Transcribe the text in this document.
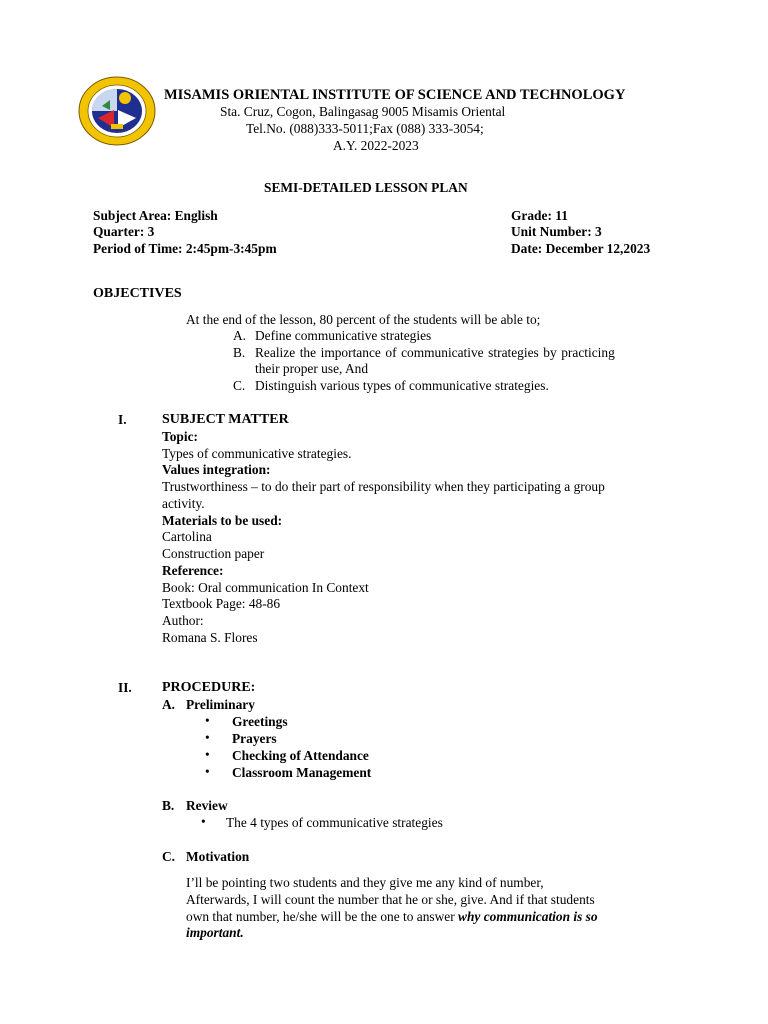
MISAMIS ORIENTAL INSTITUTE OF SCIENCE AND TECHNOLOGY
Sta. Cruz, Cogon, Balingasag 9005 Misamis Oriental
Tel.No. (088)333-5011;Fax (088) 333-3054;
A.Y. 2022-2023
SEMI-DETAILED LESSON PLAN
Subject Area: English
Quarter: 3
Period of Time: 2:45pm-3:45pm
Grade: 11
Unit Number: 3
Date: December 12,2023
OBJECTIVES
At the end of the lesson, 80 percent of the students will be able to;
A. Define communicative strategies
B. Realize the importance of communicative strategies by practicing
their proper use, And
C. Distinguish various types of communicative strategies.
I.	SUBJECT MATTER
Topic:
Types of communicative strategies.
Values integration:
Trustworthiness – to do their part of responsibility when they participating a group
activity.
Materials to be used:
Cartolina
Construction paper
Reference:
Book: Oral communication In Context
Textbook Page: 48-86
Author:
Romana S. Flores
II. PROCEDURE:
A. Preliminary
• Greetings
• Prayers
• Checking of Attendance
• Classroom Management
B. Review
• The 4 types of communicative strategies
C. Motivation
I’ll be pointing two students and they give me any kind of number,
Afterwards, I will count the number that he or she, give. And if that students
own that number, he/she will be the one to answer why communication is so
important.
